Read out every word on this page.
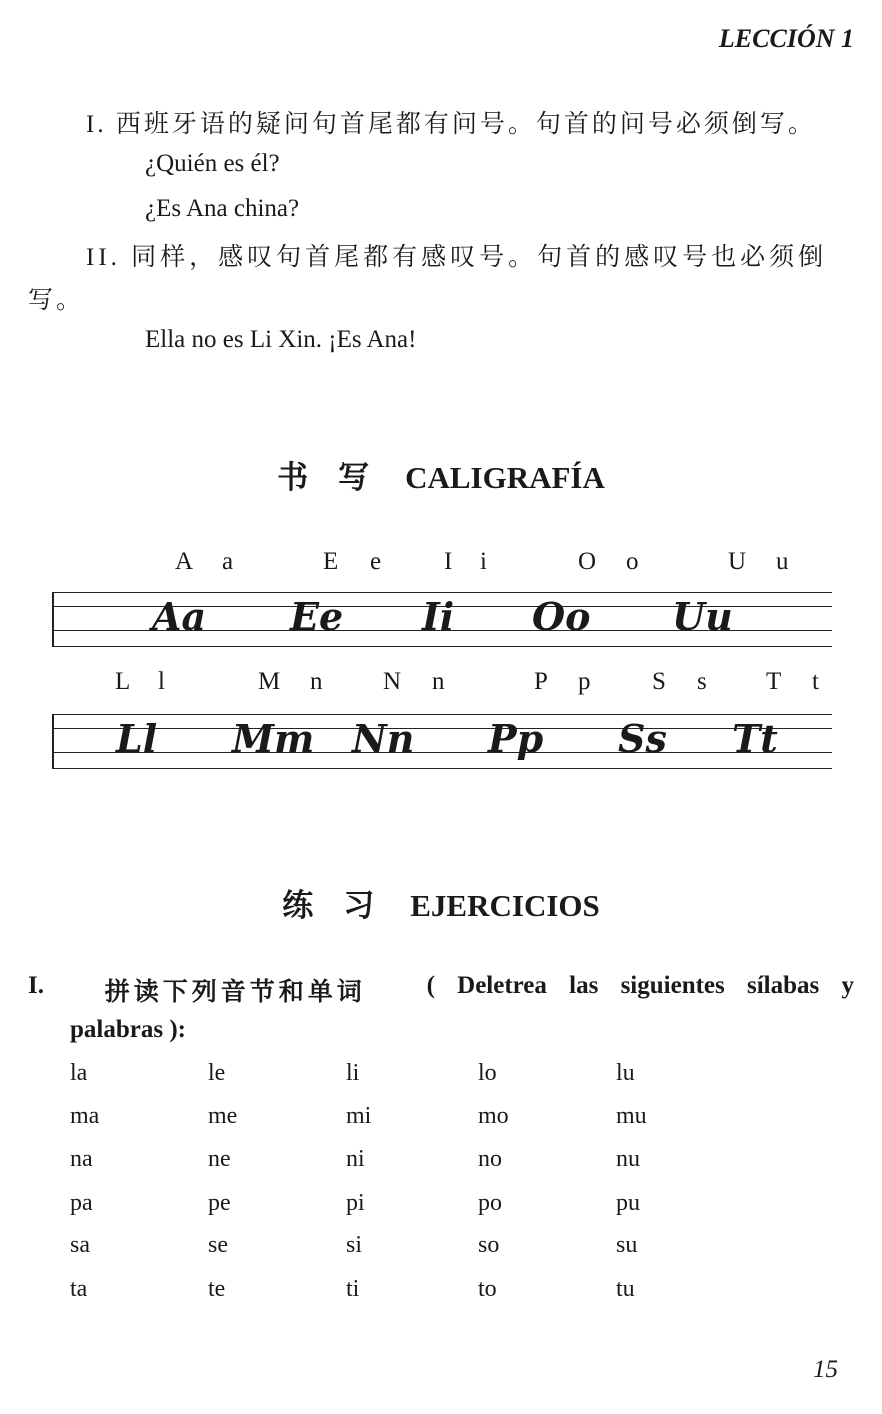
LECCIÓN 1
I. 西班牙语的疑问句首尾都有问号。句首的问号必须倒写。
¿Quién es él?
¿Es Ana china?
II. 同样，感叹句首尾都有感叹号。句首的感叹号也必须倒
写。
Ella no es Li Xin. ¡Es Ana!
书写 CALIGRAFÍA
A a	E e	I i	O o	U u
Aa Ee Ii Oo Uu
L l	M n N n	P p S s T t
Ll Mm Nn Pp Ss Tt
练习 EJERCICIOS
I. 拼读下列音节和单词 ( Deletrea las siguientes sílabas y
palabras ):
la	le	li	lo	lu
ma	me	mi	mo	mu
na	ne	ni	no	nu
pa	pe	pi	po	pu
sa	se	si	so	su
ta	te	ti	to	tu
15
